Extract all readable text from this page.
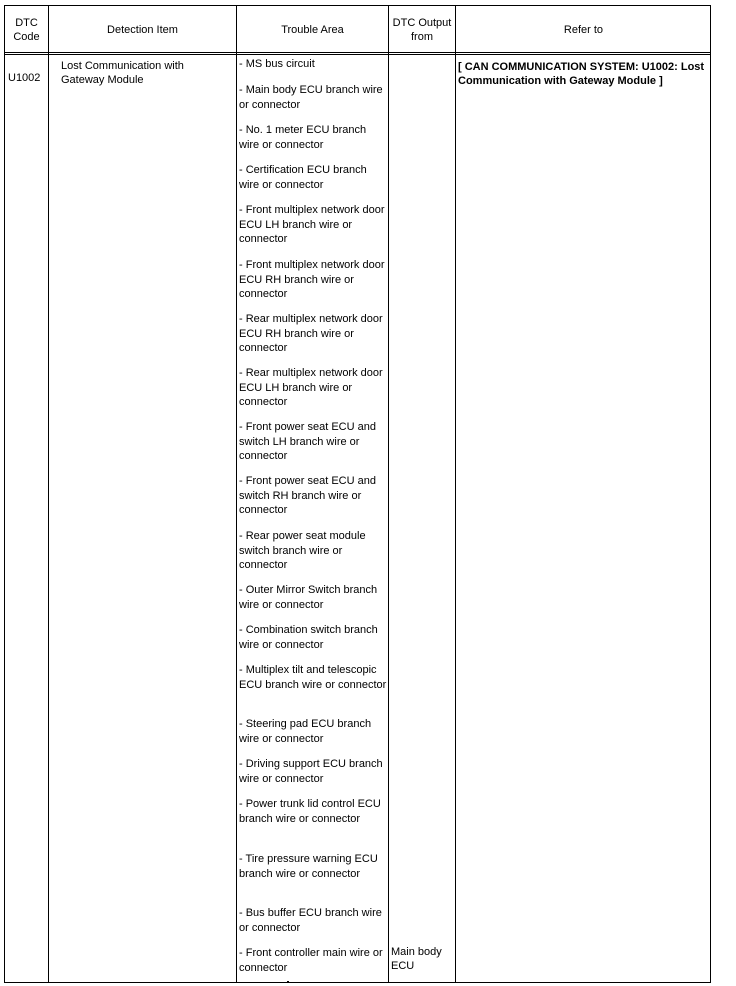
DTC Code
Detection Item	Trouble Area
DTC Output from
Refer to
U1002
Lost Communication with Gateway Module
- MS bus circuit
- Main body ECU branch wire or connector
- No. 1 meter ECU branch wire or connector
- Certification ECU branch wire or connector
- Front multiplex network door ECU LH branch wire or connector
- Front multiplex network door ECU RH branch wire or connector
- Rear multiplex network door ECU RH branch wire or connector
- Rear multiplex network door ECU LH branch wire or connector
- Front power seat ECU and switch LH branch wire or connector
- Front power seat ECU and switch RH branch wire or connector
- Rear power seat module switch branch wire or connector
- Outer Mirror Switch branch wire or connector
- Combination switch branch wire or connector
- Multiplex tilt and telescopic ECU branch wire or connector
- Steering pad ECU branch wire or connector
- Driving support ECU branch wire or connector
- Power trunk lid control ECU branch wire or connector
- Tire pressure warning ECU branch wire or connector
- Bus buffer ECU branch wire or connector
- Front controller main wire or connector
Main body ECU
[ CAN COMMUNICATION SYSTEM: U1002: Lost Communication with Gateway Module ]
